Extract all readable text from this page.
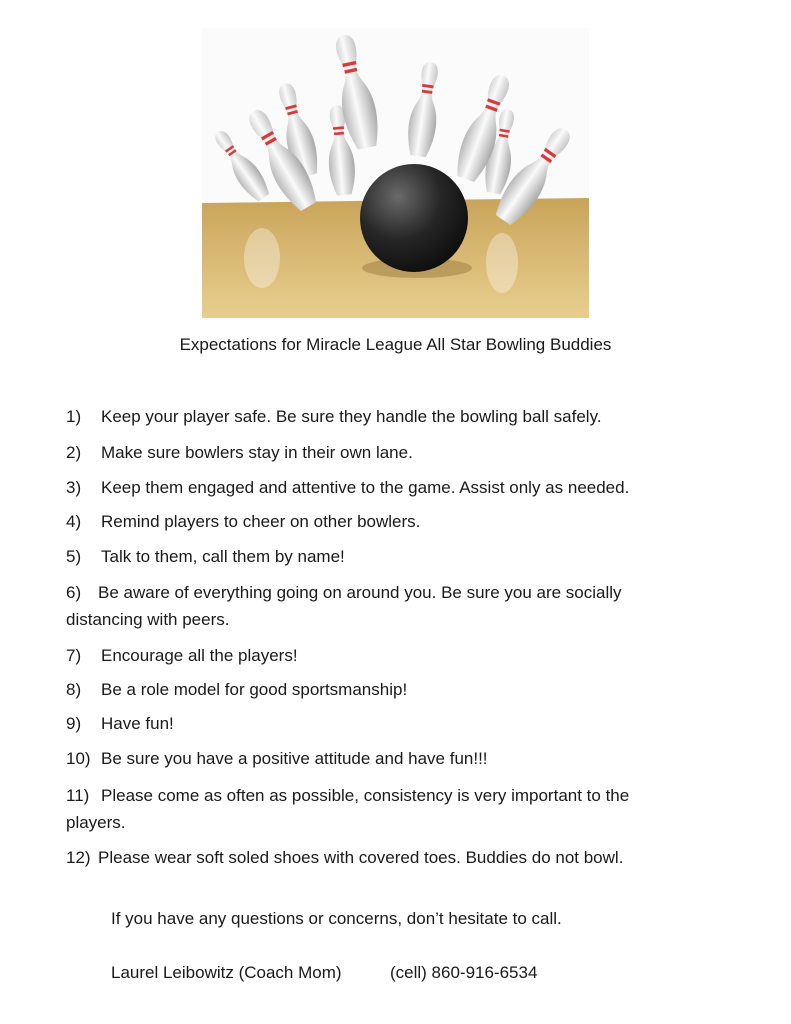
Expectations for Miracle League All Star Bowling Buddies
1) Keep your player safe. Be sure they handle the bowling ball safely.
2) Make sure bowlers stay in their own lane.
3) Keep them engaged and attentive to the game. Assist only as needed.
4) Remind players to cheer on other bowlers.
5) Talk to them, call them by name!
6) Be aware of everything going on around you. Be sure you are socially distancing with peers.
7) Encourage all the players!
8) Be a role model for good sportsmanship!
9) Have fun!
10) Be sure you have a positive attitude and have fun!!!
11) Please come as often as possible, consistency is very important to the players.
12) Please wear soft soled shoes with covered toes. Buddies do not bowl.
If you have any questions or concerns, don’t hesitate to call.
Laurel Leibowitz (Coach Mom)	(cell) 860-916-6534
